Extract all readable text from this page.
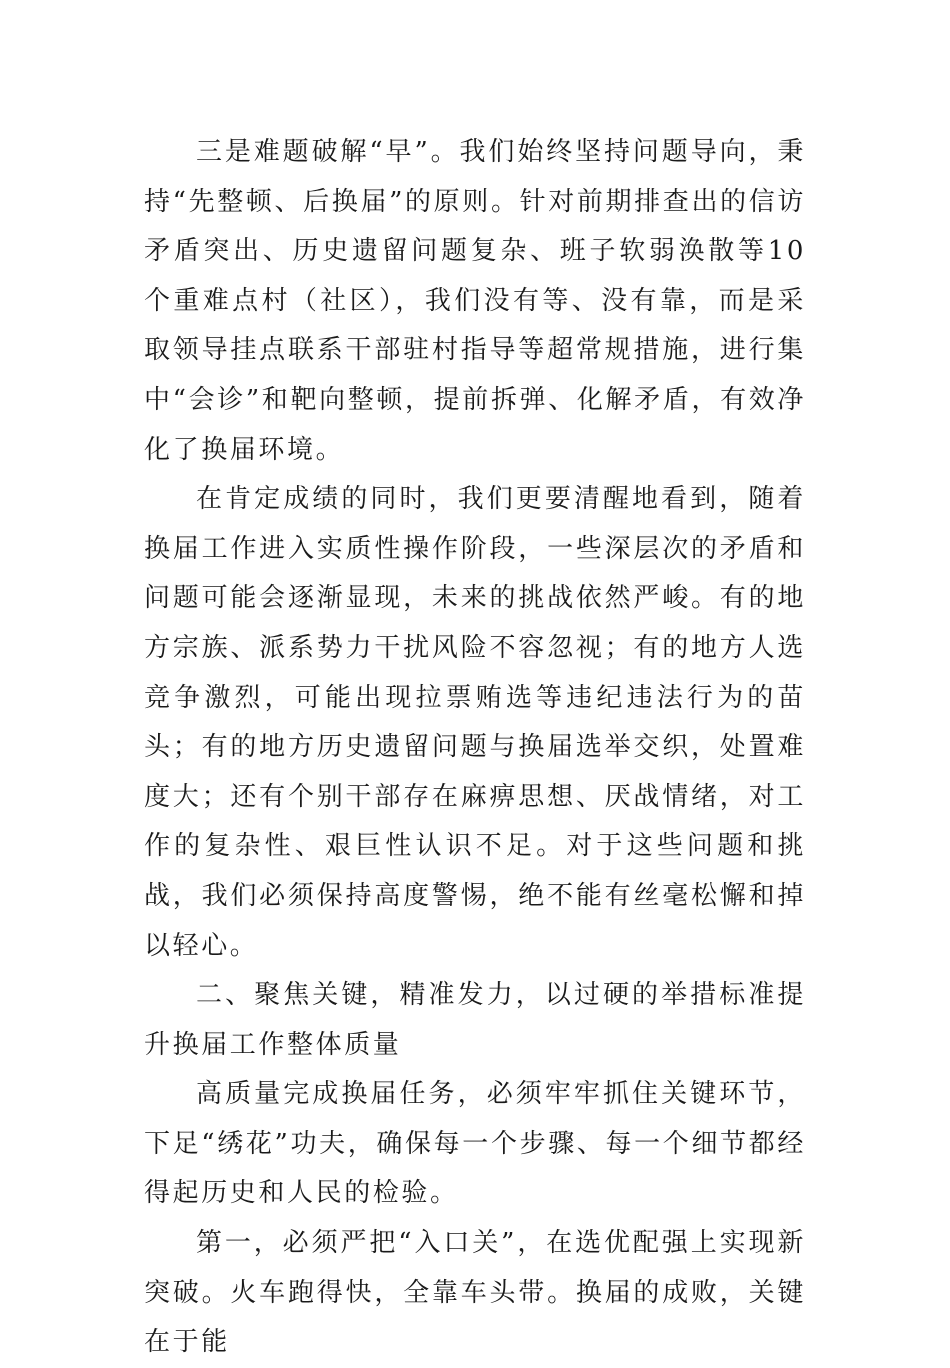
三是难题破解“早”。我们始终坚持问题导向，秉持“先整顿、后换届”的原则。针对前期排查出的信访矛盾突出、历史遗留问题复杂、班子软弱涣散等10个重难点村（社区），我们没有等、没有靠，而是采取领导挂点联系干部驻村指导等超常规措施，进行集中“会诊”和靶向整顿，提前拆弹、化解矛盾，有效净化了换届环境。

在肯定成绩的同时，我们更要清醒地看到，随着换届工作进入实质性操作阶段，一些深层次的矛盾和问题可能会逐渐显现，未来的挑战依然严峻。有的地方宗族、派系势力干扰风险不容忽视；有的地方人选竞争激烈，可能出现拉票贿选等违纪违法行为的苗头；有的地方历史遗留问题与换届选举交织，处置难度大；还有个别干部存在麻痹思想、厌战情绪，对工作的复杂性、艰巨性认识不足。对于这些问题和挑战，我们必须保持高度警惕，绝不能有丝毫松懈和掉以轻心。

二、聚焦关键，精准发力，以过硬的举措标准提升换届工作整体质量

高质量完成换届任务，必须牢牢抓住关键环节，下足“绣花”功夫，确保每一个步骤、每一个细节都经得起历史和人民的检验。

第一，必须严把“入口关”，在选优配强上实现新突破。火车跑得快，全靠车头带。换届的成败，关键在于能
